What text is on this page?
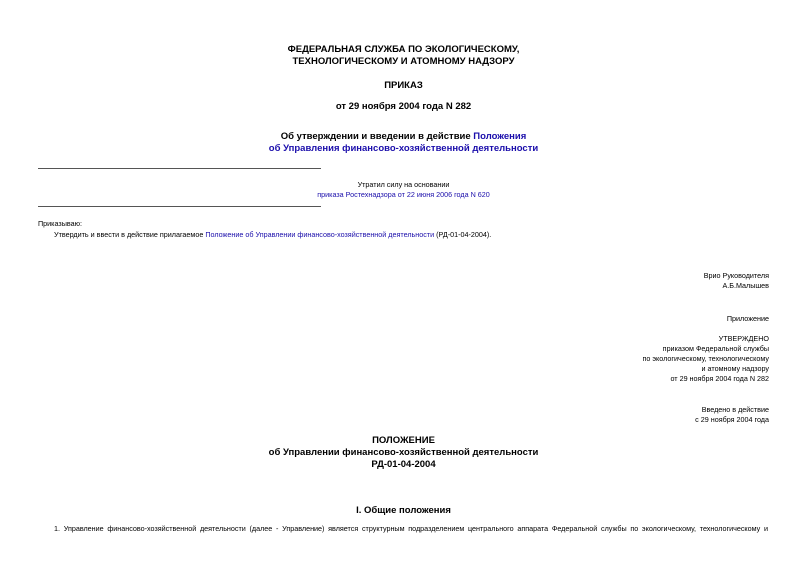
ФЕДЕРАЛЬНАЯ СЛУЖБА ПО ЭКОЛОГИЧЕСКОМУ,
ТЕХНОЛОГИЧЕСКОМУ И АТОМНОМУ НАДЗОРУ
ПРИКАЗ
от 29 ноября 2004 года N 282
Об утверждении и введении в действие Положения
об Управления финансово-хозяйственной деятельности
Утратил силу на основании
приказа Ростехнадзора от 22 июня 2006 года N 620
Приказываю:
Утвердить и ввести в действие прилагаемое Положение об Управлении финансово-хозяйственной деятельности (РД-01-04-2004).
Врио Руководителя
А.Б.Малышев
Приложение
УТВЕРЖДЕНО
приказом Федеральной службы
по экологическому, технологическому
и атомному надзору
от 29 ноября 2004 года N 282
Введено в действие
с 29 ноября 2004 года
ПОЛОЖЕНИЕ
об Управлении финансово-хозяйственной деятельности
РД-01-04-2004
I. Общие положения
1. Управление финансово-хозяйственной деятельности (далее - Управление) является структурным подразделением центрального аппарата Федеральной службы по экологическому, технологическому и
